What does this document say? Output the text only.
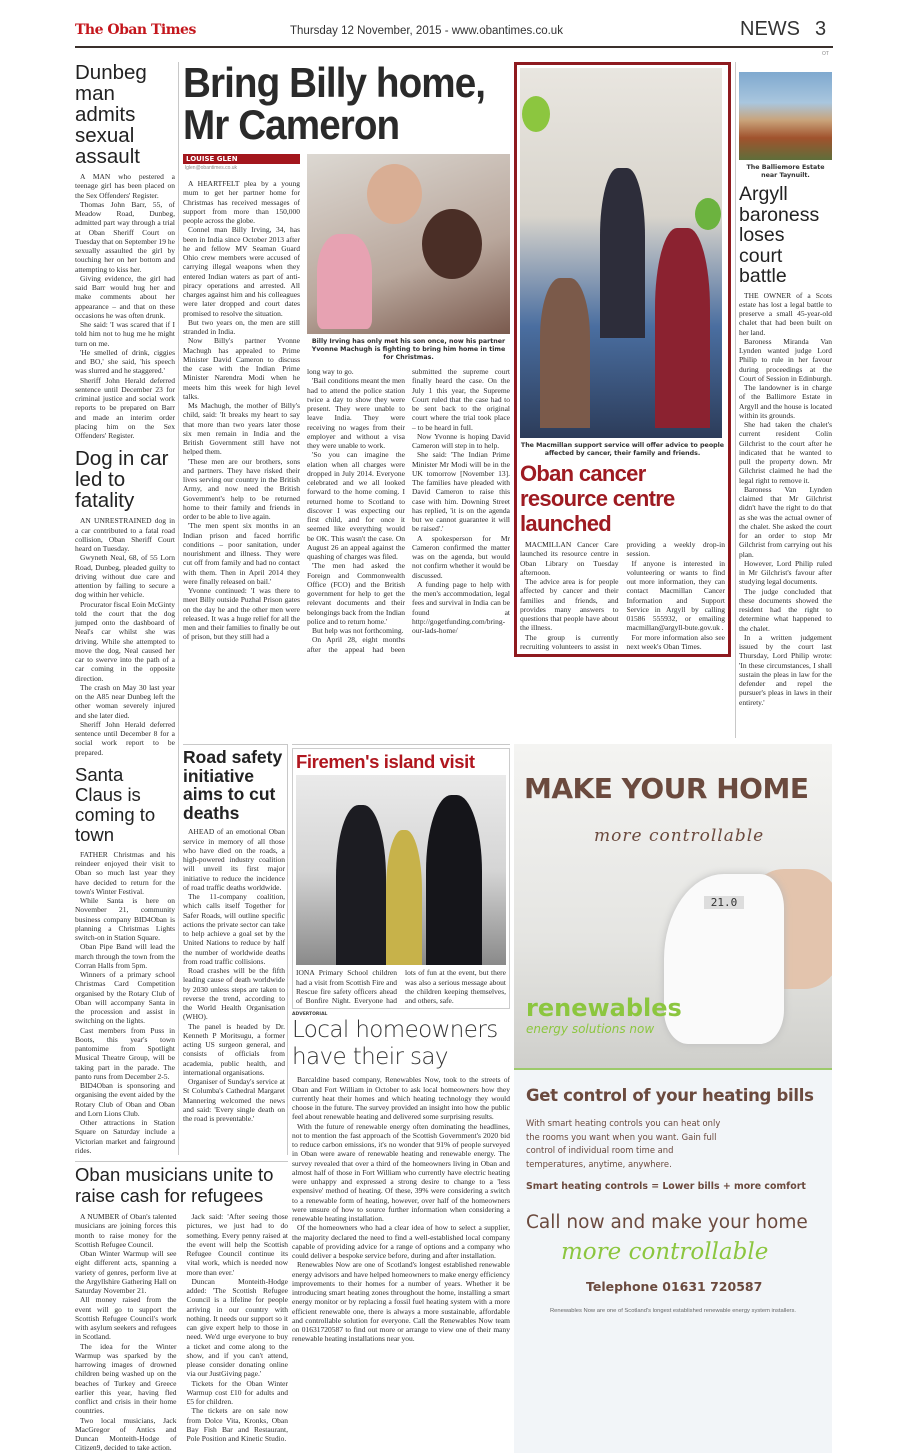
The Oban Times	Thursday 12 November, 2015 - www.obantimes.co.uk	NEWS 3
OT
Dunbeg man admits sexual assault

A MAN who pestered a teenage girl has been placed on the Sex Offenders' Register.

Thomas John Barr, 55, of Meadow Road, Dunbeg, admitted part way through a trial at Oban Sheriff Court on Tuesday that on September 19 he sexually assaulted the girl by touching her on her bottom and attempting to kiss her.

Giving evidence, the girl had said Barr would hug her and make comments about her appearance – and that on these occasions he was often drunk.

She said: 'I was scared that if I told him not to hug me he might turn on me.

'He smelled of drink, ciggies and BO,' she said, 'his speech was slurred and he staggered.'

Sheriff John Herald deferred sentence until December 23 for criminal justice and social work reports to be prepared on Barr and made an interim order placing him on the Sex Offenders' Register.

Dog in car led to fatality

AN UNRESTRAINED dog in a car contributed to a fatal road collision, Oban Sheriff Court heard on Tuesday.

Gwyneth Neal, 68, of 55 Lorn Road, Dunbeg, pleaded guilty to driving without due care and attention by failing to secure a dog within her vehicle.

Procurator fiscal Eoin McGinty told the court that the dog jumped onto the dashboard of Neal's car whilst she was driving. While she attempted to move the dog, Neal caused her car to swerve into the path of a car coming in the opposite direction.

The crash on May 30 last year on the A85 near Dunbeg left the other woman severely injured and she later died.

Sheriff John Herald deferred sentence until December 8 for a social work report to be prepared.

Santa Claus is coming to town

FATHER Christmas and his reindeer enjoyed their visit to Oban so much last year they have decided to return for the town's Winter Festival.

While Santa is here on November 21, community business company BID4Oban is planning a Christmas Lights switch-on in Station Square.

Oban Pipe Band will lead the march through the town from the Corran Halls from 5pm.

Winners of a primary school Christmas Card Competition organised by the Rotary Club of Oban will accompany Santa in the procession and assist in switching on the lights.

Cast members from Puss in Boots, this year's town pantomime from Spotlight Musical Theatre Group, will be taking part in the parade. The panto runs from December 2-5.

BID4Oban is sponsoring and organising the event aided by the Rotary Club of Oban and Oban and Lorn Lions Club.

Other attractions in Station Square on Saturday include a Victorian market and fairground rides.

Bring Billy home, Mr Cameron
LOUISE GLEN
lglen@obantimes.co.uk

A HEARTFELT plea by a young mum to get her partner home for Christmas has received messages of support from more than 150,000 people across the globe.

Connel man Billy Irving, 34, has been in India since October 2013 after he and fellow MV Seaman Guard Ohio crew members were accused of carrying illegal weapons when they entered Indian waters as part of anti-piracy operations and arrested. All charges against him and his colleagues were later dropped and court dates promised to resolve the situation.

But two years on, the men are still stranded in India.

Now Billy's partner Yvonne Machugh has appealed to Prime Minister David Cameron to discuss the case with the Indian Prime Minister Narendra Modi when he meets him this week for high level talks.

Ms Machugh, the mother of Billy's child, said: 'It breaks my heart to say that more than two years later those six men remain in India and the British Government still have not helped them.

'These men are our brothers, sons and partners. They have risked their lives serving our country in the British Army, and now need the British Government's help to be returned home to their family and friends in order to be able to live again.

'The men spent six months in an Indian prison and faced horrific conditions – poor sanitation, under nourishment and illness. They were cut off from family and had no contact with them. Then in April 2014 they were finally released on bail.'

Yvonne continued: 'I was there to meet Billy outside Puzhal Prison gates on the day he and the other men were released. It was a huge relief for all the men and their families to finally be out of prison, but they still had a

Billy Irving has only met his son once, now his partner Yvonne Machugh is fighting to bring him home in time for Christmas.

long way to go.

'Bail conditions meant the men had to attend the police station twice a day to show they were present. They were unable to leave India. They were receiving no wages from their employer and without a visa they were unable to work.

'So you can imagine the elation when all charges were dropped in July 2014. Everyone celebrated and we all looked forward to the home coming. I returned home to Scotland to discover I was expecting our first child, and for once it seemed like everything would be OK. This wasn't the case. On August 26 an appeal against the quashing of charges was filed.

'The men had asked the Foreign and Commonwealth Office (FCO) and the British government for help to get the relevant documents and their belongings back from the Indian police and to return home.'

But help was not forthcoming.

On April 28, eight months after the appeal had been submitted the supreme court finally heard the case. On the July 1 this year, the Supreme Court ruled that the case had to be sent back to the original court where the trial took place – to be heard in full.

Now Yvonne is hoping David Cameron will step in to help.

She said: 'The Indian Prime Minister Mr Modi will be in the UK tomorrow [November 13]. The families have pleaded with David Cameron to raise this case with him. Downing Street has replied, 'it is on the agenda but we cannot guarantee it will be raised'.'

A spokesperson for Mr Cameron confirmed the matter was on the agenda, but would not confirm whether it would be discussed.

A funding page to help with the men's accommodation, legal fees and survival in India can be found at http://gogetfunding.com/bring-our-lads-home/

The Macmillan support service will offer advice to people affected by cancer, their family and friends.
Oban cancer resource centre launched

MACMILLAN Cancer Care launched its resource centre in Oban Library on Tuesday afternoon.

The advice area is for people affected by cancer and their families and friends, and provides many answers to questions that people have about the illness.

The group is currently recruiting volunteers to assist in providing a weekly drop-in session.

If anyone is interested in volunteering or wants to find out more information, they can contact Macmillan Cancer Information and Support Service in Argyll by calling 01586 555932, or emailing macmillan@argyll-bute.gov.uk .

For more information also see next week's Oban Times.

The Balliemore Estate near Taynuilt.
Argyll baroness loses court battle

THE OWNER of a Scots estate has lost a legal battle to preserve a small 45-year-old chalet that had been built on her land.

Baroness Miranda Van Lynden wanted judge Lord Philip to rule in her favour during proceedings at the Court of Session in Edinburgh.

The landowner is in charge of the Ballimore Estate in Argyll and the house is located within its grounds.

She had taken the chalet's current resident Colin Gilchrist to the court after he indicated that he wanted to pull the property down. Mr Gilchrist claimed he had the legal right to remove it.

Baroness Van Lynden claimed that Mr Gilchrist didn't have the right to do that as she was the actual owner of the chalet. She asked the court for an order to stop Mr Gilchrist from carrying out his plan.

However, Lord Philip ruled in Mr Gilchrist's favour after studying legal documents.

The judge concluded that these documents showed the resident had the right to determine what happened to the chalet.

In a written judgement issued by the court last Thursday, Lord Philip wrote: 'In these circumstances, I shall sustain the pleas in law for the defender and repel the pursuer's pleas in laws in their entirety.'

Road safety initiative aims to cut deaths

AHEAD of an emotional Oban service in memory of all those who have died on the roads, a high-powered industry coalition will unveil its first major initiative to reduce the incidence of road traffic deaths worldwide.

The 11-company coalition, which calls itself Together for Safer Roads, will outline specific actions the private sector can take to help achieve a goal set by the United Nations to reduce by half the number of worldwide deaths from road traffic collisions.

Road crashes will be the fifth leading cause of death worldwide by 2030 unless steps are taken to reverse the trend, according to the World Health Organisation (WHO).

The panel is headed by Dr. Kenneth P Moritsugu, a former acting US surgeon general, and consists of officials from academia, public health, and international organisations.

Organiser of Sunday's service at St Columba's Cathedral Margaret Mannering welcomed the news and said: 'Every single death on the road is preventable.'

Firemen's island visit

IONA Primary School children had a visit from Scottish Fire and Rescue fire safety officers ahead of Bonfire Night. Everyone had lots of fun at the event, but there was also a serious message about the children keeping themselves, and others, safe.

ADVERTORIAL
Local homeowners have their say

Barcaldine based company, Renewables Now, took to the streets of Oban and Fort William in October to ask local homeowners how they currently heat their homes and which heating technology they would choose in the future. The survey provided an insight into how the public feel about renewable heating and delivered some surprising results.

With the future of renewable energy often dominating the headlines, not to mention the fast approach of the Scottish Government's 2020 bid to reduce carbon emissions, it's no wonder that 91% of people surveyed in Oban were aware of renewable heating and renewable energy. The survey revealed that over a third of the homeowners living in Oban and almost half of those in Fort William who currently have electric heating were unhappy and expressed a strong desire to change to a 'less expensive' method of heating. Of these, 39% were considering a switch to a renewable form of heating, however, over half of the homeowners were unsure of how to source further information when considering a renewable heating installation.

Of the homeowners who had a clear idea of how to select a supplier, the majority declared the need to find a well-established local company capable of providing advice for a range of options and a company who could deliver a bespoke service before, during and after installation.

Renewables Now are one of Scotland's longest established renewable energy advisors and have helped homeowners to make energy efficiency improvements to their homes for a number of years. Whether it be introducing smart heating zones throughout the home, installing a smart energy monitor or by replacing a fossil fuel heating system with a more efficient renewable one, there is always a more sustainable, affordable and controllable solution for everyone. Call the Renewables Now team on 01631720587 to find out more or arrange to view one of their many renewable heating installations near you.

MAKE YOUR HOME
more controllable
21.0
renewables
energy solutions now
Get control of your heating bills
With smart heating controls you can heat only the rooms you want when you want. Gain full control of individual room time and temperatures, anytime, anywhere.
Smart heating controls = Lower bills + more comfort
Call now and make your home
more controllable
Telephone 01631 720587
Renewables Now are one of Scotland's longest established renewable energy system installers.
Oban musicians unite to raise cash for refugees

A NUMBER of Oban's talented musicians are joining forces this month to raise money for the Scottish Refugee Council.

Oban Winter Warmup will see eight different acts, spanning a variety of genres, perform live at the Argyllshire Gathering Hall on Saturday November 21.

All money raised from the event will go to support the Scottish Refugee Council's work with asylum seekers and refugees in Scotland.

The idea for the Winter Warmup was sparked by the harrowing images of drowned children being washed up on the beaches of Turkey and Greece earlier this year, having fled conflict and crisis in their home countries.

Two local musicians, Jack MacGregor of Antics and Duncan Monteith-Hodge of Citizen9, decided to take action.

Jack said: 'After seeing those pictures, we just had to do something. Every penny raised at the event will help the Scottish Refugee Council continue its vital work, which is needed now more than ever.'

Duncan Monteith-Hodge added: 'The Scottish Refugee Council is a lifeline for people arriving in our country with nothing. It needs our support so it can give expert help to those in need. We'd urge everyone to buy a ticket and come along to the show, and if you can't attend, please consider donating online via our JustGiving page.'

Tickets for the Oban Winter Warmup cost £10 for adults and £5 for children.

The tickets are on sale now from Dolce Vita, Kronks, Oban Bay Fish Bar and Restaurant, Pole Position and Kinetic Studio.
